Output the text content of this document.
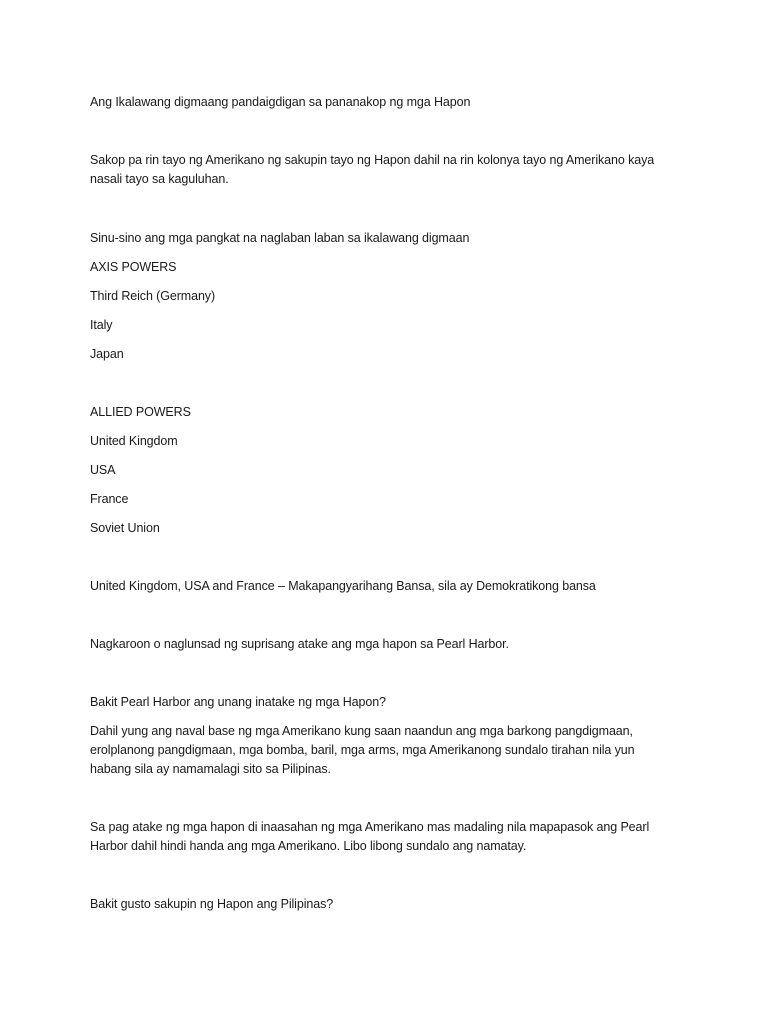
Ang Ikalawang digmaang pandaigdigan sa pananakop ng mga Hapon

Sakop pa rin tayo ng Amerikano ng sakupin tayo ng Hapon dahil na rin kolonya tayo ng Amerikano kaya

nasali tayo sa kaguluhan.

Sinu-sino ang mga pangkat na naglaban laban sa ikalawang digmaan

AXIS POWERS

Third Reich (Germany)

Italy

Japan

ALLIED POWERS

United Kingdom

USA

France

Soviet Union

United Kingdom, USA and France – Makapangyarihang Bansa, sila ay Demokratikong bansa

Nagkaroon o naglunsad ng suprisang atake ang mga hapon sa Pearl Harbor.

Bakit Pearl Harbor ang unang inatake ng mga Hapon?

Dahil yung ang naval base ng mga Amerikano kung saan naandun ang mga barkong pangdigmaan,

erolplanong pangdigmaan, mga bomba, baril, mga arms, mga Amerikanong sundalo tirahan nila yun

habang sila ay namamalagi sito sa Pilipinas.

Sa pag atake ng mga hapon di inaasahan ng mga Amerikano mas madaling nila mapapasok ang Pearl

Harbor dahil hindi handa ang mga Amerikano. Libo libong sundalo ang namatay.

Bakit gusto sakupin ng Hapon ang Pilipinas?
